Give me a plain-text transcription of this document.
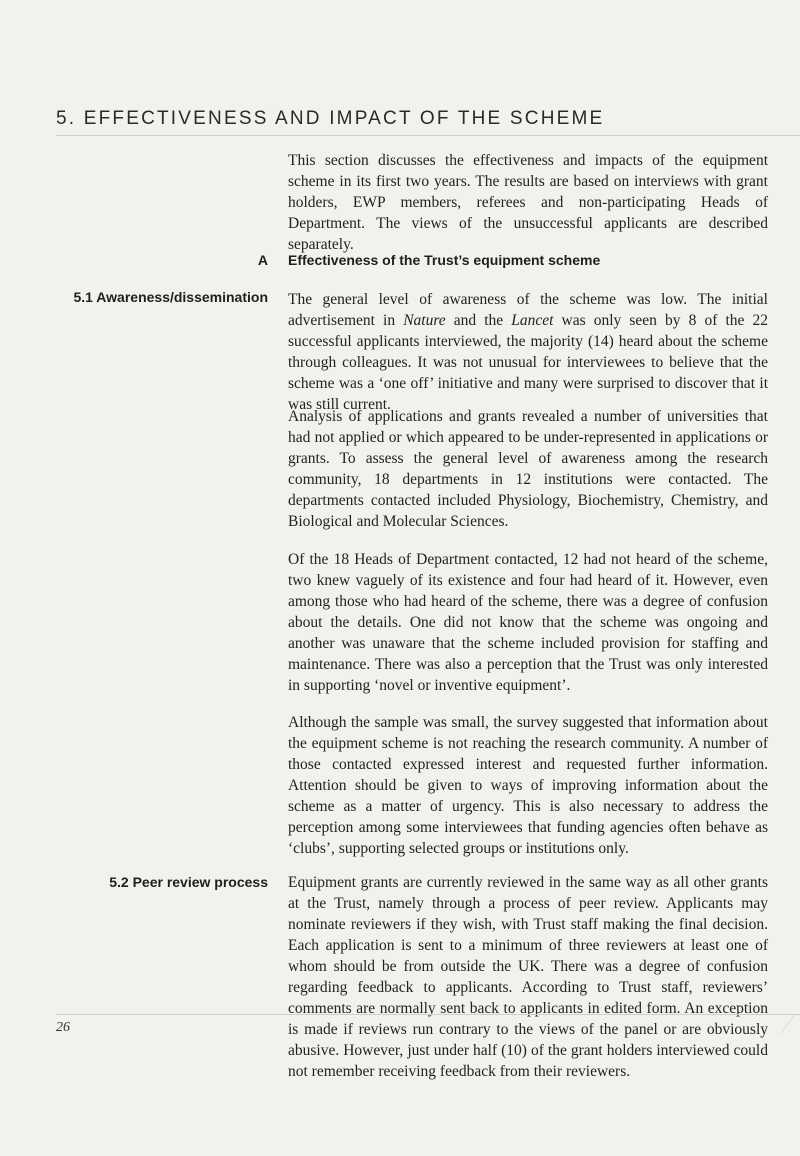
5. EFFECTIVENESS AND IMPACT OF THE SCHEME

This section discusses the effectiveness and impacts of the equipment scheme in its first two years. The results are based on interviews with grant holders, EWP members, referees and non-participating Heads of Department. The views of the unsuccessful applicants are described separately.

A Effectiveness of the Trust’s equipment scheme
5.1 Awareness/dissemination The general level of awareness of the scheme was low. The initial advertisement in Nature and the Lancet was only seen by 8 of the 22 successful applicants interviewed, the majority (14) heard about the scheme through colleagues. It was not unusual for interviewees to believe that the scheme was a ‘one off’ initiative and many were surprised to discover that it was still current.

Analysis of applications and grants revealed a number of universities that had not applied or which appeared to be under-represented in applications or grants. To assess the general level of awareness among the research community, 18 departments in 12 institutions were contacted. The departments contacted included Physiology, Biochemistry, Chemistry, and Biological and Molecular Sciences.

Of the 18 Heads of Department contacted, 12 had not heard of the scheme, two knew vaguely of its existence and four had heard of it. However, even among those who had heard of the scheme, there was a degree of confusion about the details. One did not know that the scheme was ongoing and another was unaware that the scheme included provision for staffing and maintenance. There was also a perception that the Trust was only interested in supporting ‘novel or inventive equipment’.

Although the sample was small, the survey suggested that information about the equipment scheme is not reaching the research community. A number of those contacted expressed interest and requested further information. Attention should be given to ways of improving information about the scheme as a matter of urgency. This is also necessary to address the perception among some interviewees that funding agencies often behave as ‘clubs’, supporting selected groups or institutions only.

5.2 Peer review process Equipment grants are currently reviewed in the same way as all other grants at the Trust, namely through a process of peer review. Applicants may nominate reviewers if they wish, with Trust staff making the final decision. Each application is sent to a minimum of three reviewers at least one of whom should be from outside the UK. There was a degree of confusion regarding feedback to applicants. According to Trust staff, reviewers’ comments are normally sent back to applicants in edited form. An exception is made if reviews run contrary to the views of the panel or are obviously abusive. However, just under half (10) of the grant holders interviewed could not remember receiving feedback from their reviewers.

26
